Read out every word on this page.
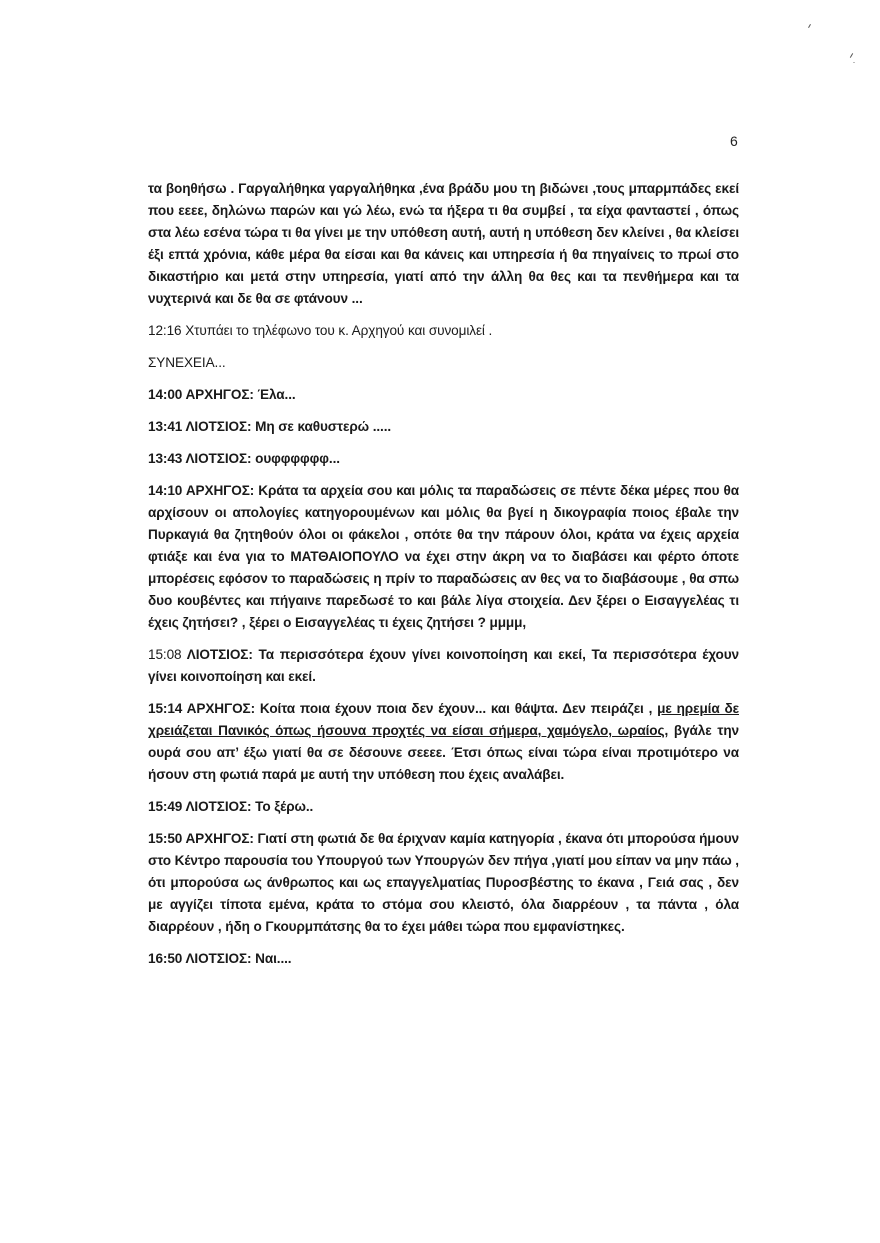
6

τα βοηθήσω . Γαργαλήθηκα γαργαλήθηκα ,ένα βράδυ μου τη βιδώνει ,τους μπαρμπάδες εκεί που εεεε, δηλώνω παρών και γώ λέω, ενώ τα ήξερα τι θα συμβεί , τα είχα φανταστεί , όπως στα λέω εσένα τώρα τι θα γίνει με την υπόθεση αυτή, αυτή η υπόθεση δεν κλείνει , θα κλείσει έξι επτά χρόνια, κάθε μέρα θα είσαι και θα κάνεις και υπηρεσία ή θα πηγαίνεις το πρωί στο δικαστήριο και μετά στην υπηρεσία, γιατί από την άλλη θα θες και τα πενθήμερα και τα νυχτερινά και δε θα σε φτάνουν ...

12:16 Χτυπάει το τηλέφωνο του κ. Αρχηγού και συνομιλεί .

ΣΥΝΕΧΕΙΑ...

14:00 ΑΡΧΗΓΟΣ: Έλα...

13:41 ΛΙΟΤΣΙΟΣ: Μη σε καθυστερώ .....

13:43 ΛΙΟΤΣΙΟΣ: ουφφφφφφ...

14:10 ΑΡΧΗΓΟΣ: Κράτα τα αρχεία σου και μόλις τα παραδώσεις σε πέντε δέκα μέρες που θα αρχίσουν οι απολογίες κατηγορουμένων και μόλις θα βγεί η δικογραφία ποιος έβαλε την Πυρκαγιά θα ζητηθούν όλοι οι φάκελοι , οπότε θα την πάρουν όλοι, κράτα να έχεις αρχεία φτιάξε και ένα για το ΜΑΤΘΑΙΟΠΟΥΛΟ να έχει στην άκρη να το διαβάσει και φέρτο όποτε μπορέσεις εφόσον το παραδώσεις η πρίν το παραδώσεις αν θες να το διαβάσουμε , θα σπω δυο κουβέντες και πήγαινε παρεδωσέ το και βάλε λίγα στοιχεία. Δεν ξέρει ο Εισαγγελέας τι έχεις ζητήσει? , ξέρει ο Εισαγγελέας τι έχεις ζητήσει ? μμμμ,

15:08 ΛΙΟΤΣΙΟΣ: Τα περισσότερα έχουν γίνει κοινοποίηση και εκεί, Τα περισσότερα έχουν γίνει κοινοποίηση και εκεί.

15:14 ΑΡΧΗΓΟΣ: Κοίτα ποια έχουν ποια δεν έχουν... και θάψτα. Δεν πειράζει , με ηρεμία δε χρειάζεται Πανικός όπως ήσουνα προχτές να είσαι σήμερα, χαμόγελο, ωραίος, βγάλε την ουρά σου απ’ έξω γιατί θα σε δέσουνε σεεεε. Έτσι όπως είναι τώρα είναι προτιμότερο να ήσουν στη φωτιά παρά με αυτή την υπόθεση που έχεις αναλάβει.

15:49 ΛΙΟΤΣΙΟΣ: Το ξέρω..

15:50 ΑΡΧΗΓΟΣ: Γιατί στη φωτιά δε θα έριχναν καμία κατηγορία , έκανα ότι μπορούσα ήμουν στο Κέντρο παρουσία του Υπουργού των Υπουργών δεν πήγα ,γιατί μου είπαν να μην πάω , ότι μπορούσα ως άνθρωπος και ως επαγγελματίας Πυροσβέστης το έκανα , Γειά σας , δεν με αγγίζει τίποτα εμένα, κράτα το στόμα σου κλειστό, όλα διαρρέουν , τα πάντα , όλα διαρρέουν , ήδη ο Γκουρμπάτσης θα το έχει μάθει τώρα που εμφανίστηκες.

16:50 ΛΙΟΤΣΙΟΣ: Ναι....
